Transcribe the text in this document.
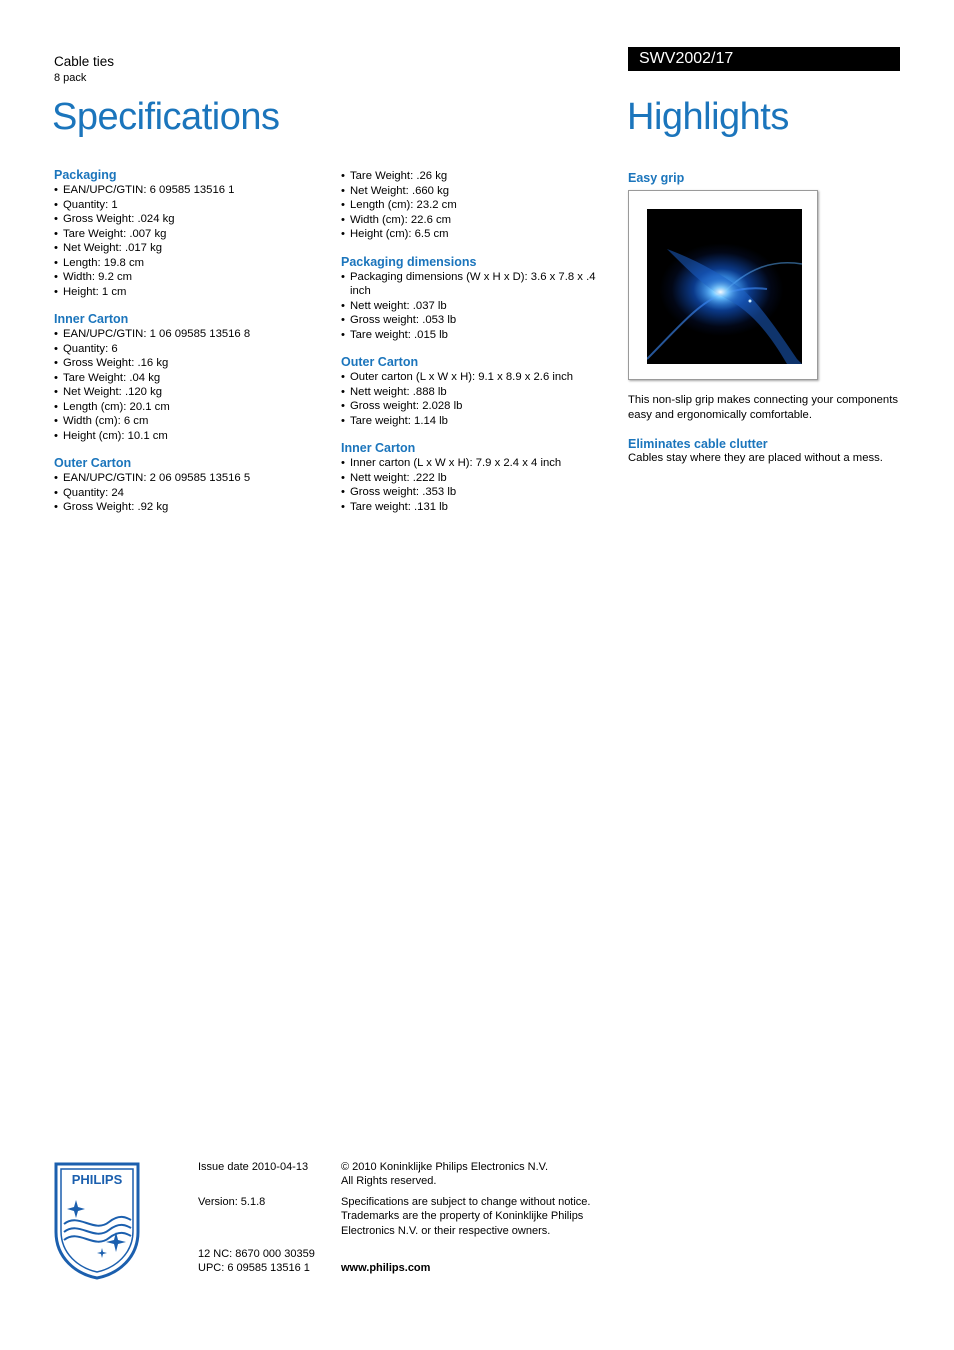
Cable ties
8 pack
Specifications
SWV2002/17
Highlights
Packaging
• EAN/UPC/GTIN: 6 09585 13516 1
• Quantity: 1
• Gross Weight: .024 kg
• Tare Weight: .007 kg
• Net Weight: .017 kg
• Length: 19.8 cm
• Width: 9.2 cm
• Height: 1 cm
Inner Carton
• EAN/UPC/GTIN: 1 06 09585 13516 8
• Quantity: 6
• Gross Weight: .16 kg
• Tare Weight: .04 kg
• Net Weight: .120 kg
• Length (cm): 20.1 cm
• Width (cm): 6 cm
• Height (cm): 10.1 cm
Outer Carton
• EAN/UPC/GTIN: 2 06 09585 13516 5
• Quantity: 24
• Gross Weight: .92 kg
• Tare Weight: .26 kg
• Net Weight: .660 kg
• Length (cm): 23.2 cm
• Width (cm): 22.6 cm
• Height (cm): 6.5 cm
Packaging dimensions
• Packaging dimensions (W x H x D): 3.6 x 7.8 x .4 inch
• Nett weight: .037 lb
• Gross weight: .053 lb
• Tare weight: .015 lb
Outer Carton
• Outer carton (L x W x H): 9.1 x 8.9 x 2.6 inch
• Nett weight: .888 lb
• Gross weight: 2.028 lb
• Tare weight: 1.14 lb
Inner Carton
• Inner carton (L x W x H): 7.9 x 2.4 x 4 inch
• Nett weight: .222 lb
• Gross weight: .353 lb
• Tare weight: .131 lb
Easy grip
This non-slip grip makes connecting your components easy and ergonomically comfortable.
Eliminates cable clutter
Cables stay where they are placed without a mess.
PHILIPS
Issue date 2010-04-13
Version: 5.1.8
12 NC: 8670 000 30359
UPC: 6 09585 13516 1
© 2010 Koninklijke Philips Electronics N.V.
All Rights reserved.
Specifications are subject to change without notice.
Trademarks are the property of Koninklijke Philips
Electronics N.V. or their respective owners.
www.philips.com
